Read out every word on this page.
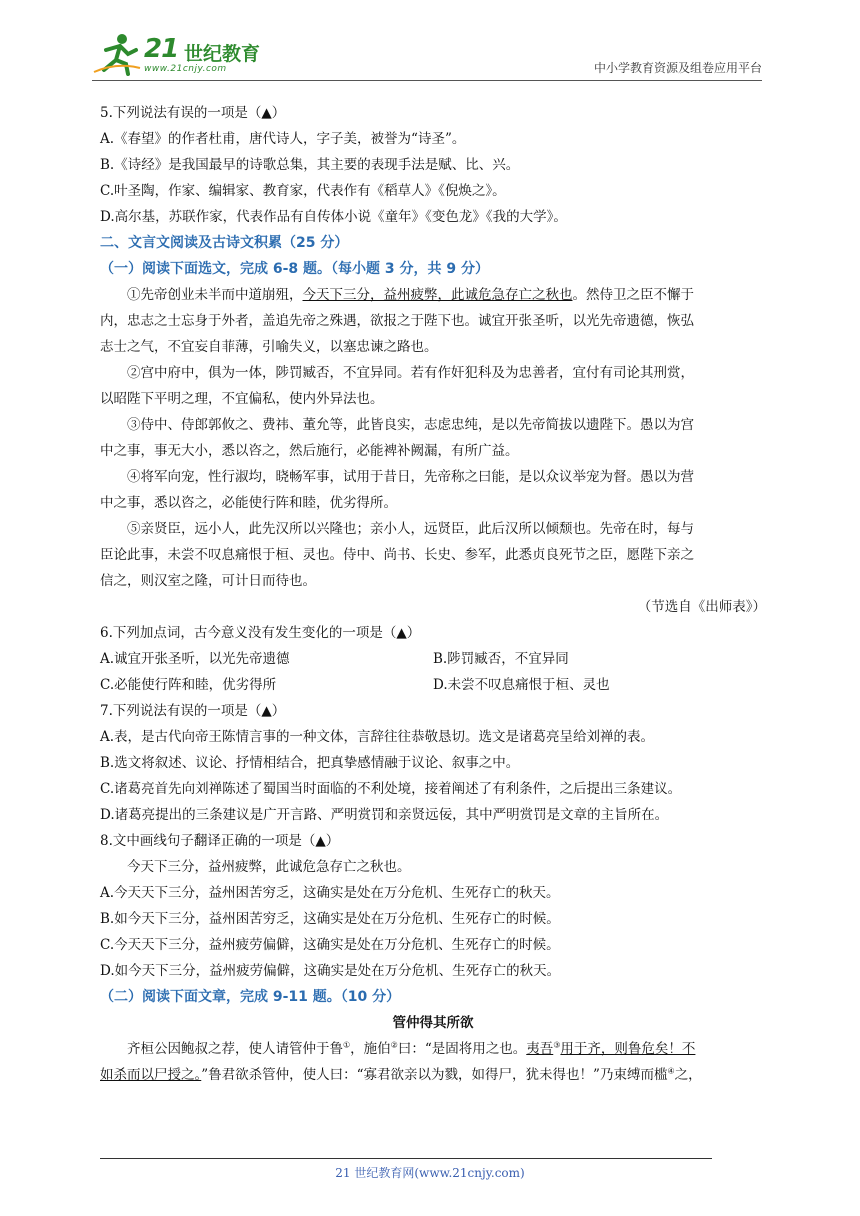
21 世纪教育
www.21cnjy.com	中小学教育资源及组卷应用平台
5.下列说法有误的一项是（▲）
A.《春望》的作者杜甫，唐代诗人，字子美，被誉为“诗圣”。
B.《诗经》是我国最早的诗歌总集，其主要的表现手法是赋、比、兴。
C.叶圣陶，作家、编辑家、教育家，代表作有《稻草人》《倪焕之》。
D.高尔基，苏联作家，代表作品有自传体小说《童年》《变色龙》《我的大学》。
二、文言文阅读及古诗文积累（25 分）
（一）阅读下面选文，完成 6-8 题。（每小题 3 分，共 9 分）
①先帝创业未半而中道崩殂，今天下三分，益州疲弊，此诚危急存亡之秋也。然侍卫之臣不懈于
内，忠志之士忘身于外者，盖追先帝之殊遇，欲报之于陛下也。诚宜开张圣听，以光先帝遗德，恢弘
志士之气，不宜妄自菲薄，引喻失义，以塞忠谏之路也。
②宫中府中，俱为一体，陟罚臧否，不宜异同。若有作奸犯科及为忠善者，宜付有司论其刑赏，
以昭陛下平明之理，不宜偏私，使内外异法也。
③侍中、侍郎郭攸之、费祎、董允等，此皆良实，志虑忠纯，是以先帝简拔以遗陛下。愚以为宫
中之事，事无大小，悉以咨之，然后施行，必能裨补阙漏，有所广益。
④将军向宠，性行淑均，晓畅军事，试用于昔日，先帝称之曰能，是以众议举宠为督。愚以为营
中之事，悉以咨之，必能使行阵和睦，优劣得所。
⑤亲贤臣，远小人，此先汉所以兴隆也；亲小人，远贤臣，此后汉所以倾颓也。先帝在时，每与
臣论此事，未尝不叹息痛恨于桓、灵也。侍中、尚书、长史、参军，此悉贞良死节之臣，愿陛下亲之
信之，则汉室之隆，可计日而待也。
（节选自《出师表》）
6.下列加点词，古今意义没有发生变化的一项是（▲）
A.诚宜开张圣听，以光先帝遗德	B.陟罚臧否，不宜异同
C.必能使行阵和睦，优劣得所	D.未尝不叹息痛恨于桓、灵也
7.下列说法有误的一项是（▲）
A.表，是古代向帝王陈情言事的一种文体，言辞往往恭敬恳切。选文是诸葛亮呈给刘禅的表。
B.选文将叙述、议论、抒情相结合，把真挚感情融于议论、叙事之中。
C.诸葛亮首先向刘禅陈述了蜀国当时面临的不利处境，接着阐述了有利条件，之后提出三条建议。
D.诸葛亮提出的三条建议是广开言路、严明赏罚和亲贤远佞，其中严明赏罚是文章的主旨所在。
8.文中画线句子翻译正确的一项是（▲）
今天下三分，益州疲弊，此诚危急存亡之秋也。
A.今天天下三分，益州困苦穷乏，这确实是处在万分危机、生死存亡的秋天。
B.如今天下三分，益州困苦穷乏，这确实是处在万分危机、生死存亡的时候。
C.今天天下三分，益州疲劳偏僻，这确实是处在万分危机、生死存亡的时候。
D.如今天下三分，益州疲劳偏僻，这确实是处在万分危机、生死存亡的秋天。
（二）阅读下面文章，完成 9-11 题。（10 分）
管仲得其所欲
齐桓公因鲍叔之荐，使人请管仲于鲁①，施伯②曰：“是固将用之也。夷吾③用于齐，则鲁危矣！不
如杀而以尸授之。”鲁君欲杀管仲，使人曰：“寡君欲亲以为戮，如得尸，犹未得也！”乃束缚而槛④之，
21 世纪教育网(www.21cnjy.com)
